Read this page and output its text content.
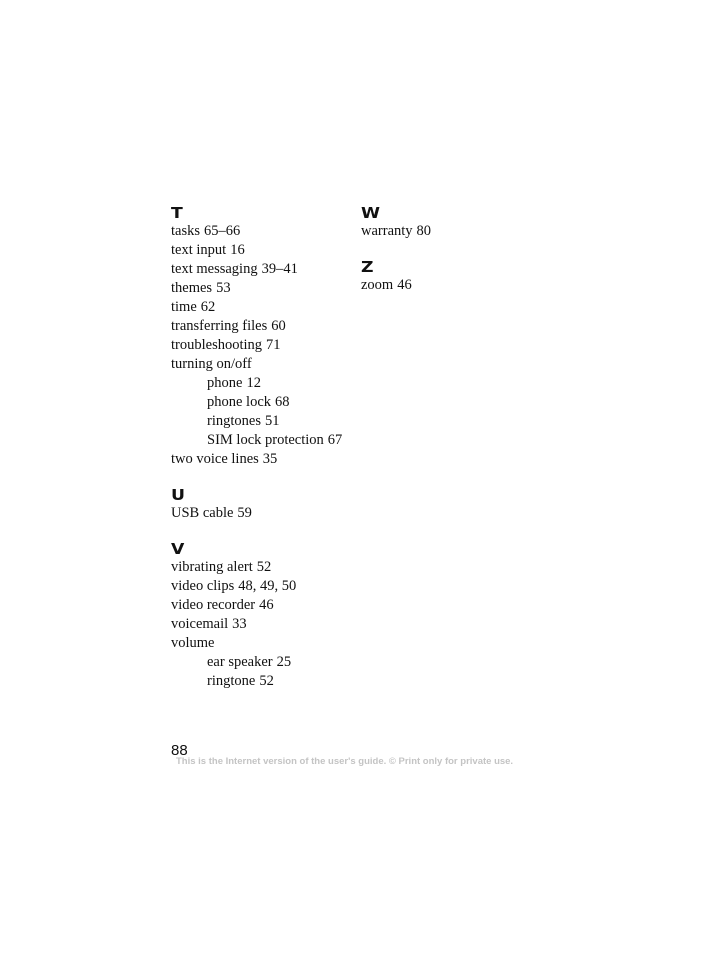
T
tasks 65–66
text input 16
text messaging 39–41
themes 53
time 62
transferring files 60
troubleshooting 71
turning on/off
phone 12
phone lock 68
ringtones 51
SIM lock protection 67
two voice lines 35
U
USB cable 59
V
vibrating alert 52
video clips 48, 49, 50
video recorder 46
voicemail 33
volume
ear speaker 25
ringtone 52
W
warranty 80
Z
zoom 46
88
This is the Internet version of the user's guide. © Print only for private use.
